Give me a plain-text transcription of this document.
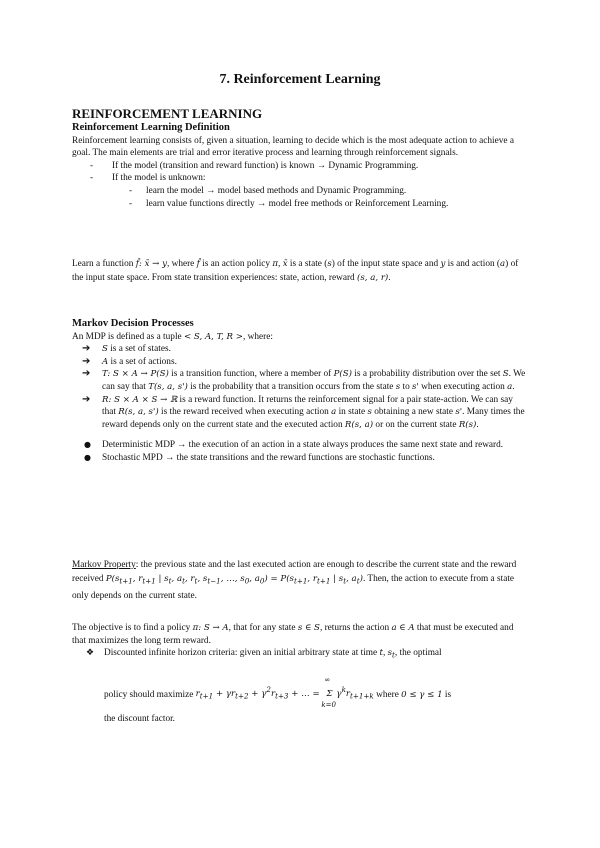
7. Reinforcement Learning
REINFORCEMENT LEARNING

Reinforcement Learning Definition

Reinforcement learning consists of, given a situation, learning to decide which is the most adequate action to achieve a goal. The main elements are trial and error iterative process and learning through reinforcement signals.

- If the model (transition and reward function) is known → Dynamic Programming.

- If the model is unknown:

- learn the model → model based methods and Dynamic Programming.

- learn value functions directly → model free methods or Reinforcement Learning.

Learn a function f̂: x̄ → y, where f̂ is an action policy π, x̄ is a state (s) of the input state space and y is and action (a) of the input state space. From state transition experiences: state, action, reward (s, a, r).

Markov Decision Processes

An MDP is defined as a tuple < S, A, T, R >, where:

➔ S is a set of states.

➔ A is a set of actions.

➔ T: S × A → P(S) is a transition function, where a member of P(S) is a probability distribution over the set S. We can say that T(s, a, s') is the probability that a transition occurs from the state s to s' when executing action a.

➔ R: S × A × S → ℝ is a reward function. It returns the reinforcement signal for a pair state-action. We can say that R(s, a, s') is the reward received when executing action a in state s obtaining a new state s'. Many times the reward depends only on the current state and the executed action R(s, a) or on the current state R(s).

● Deterministic MDP → the execution of an action in a state always produces the same next state and reward.

● Stochastic MPD → the state transitions and the reward functions are stochastic functions.

Markov Property: the previous state and the last executed action are enough to describe the current state and the reward received $P(s_{t+1}$, $r_{t+1}$ | $s_t$, $a_t$, $r_t$, $s_{t-1}$, …, $s_0$, $a_0) = P(s_{t+1}$, $r_{t+1}$ | $s_t$, $a_t$). Then, the action to execute from a state only depends on the current state.

The objective is to find a policy π: S → A, that for any state s ∈ S, returns the action a ∈ A that must be executed and that maximizes the long term reward.

❖ Discounted infinite horizon criteria: given an initial arbitrary state at time t, $s_t$, the optimal

policy should maximize $r_{t+1} + \gamma r_{t+2} + \gamma^2r_{t+3}$ + … =
∞
Σ
k=0
$\gamma^kr_{t+1+k}$ where 0 ≤ γ ≤ 1 is

the discount factor.
